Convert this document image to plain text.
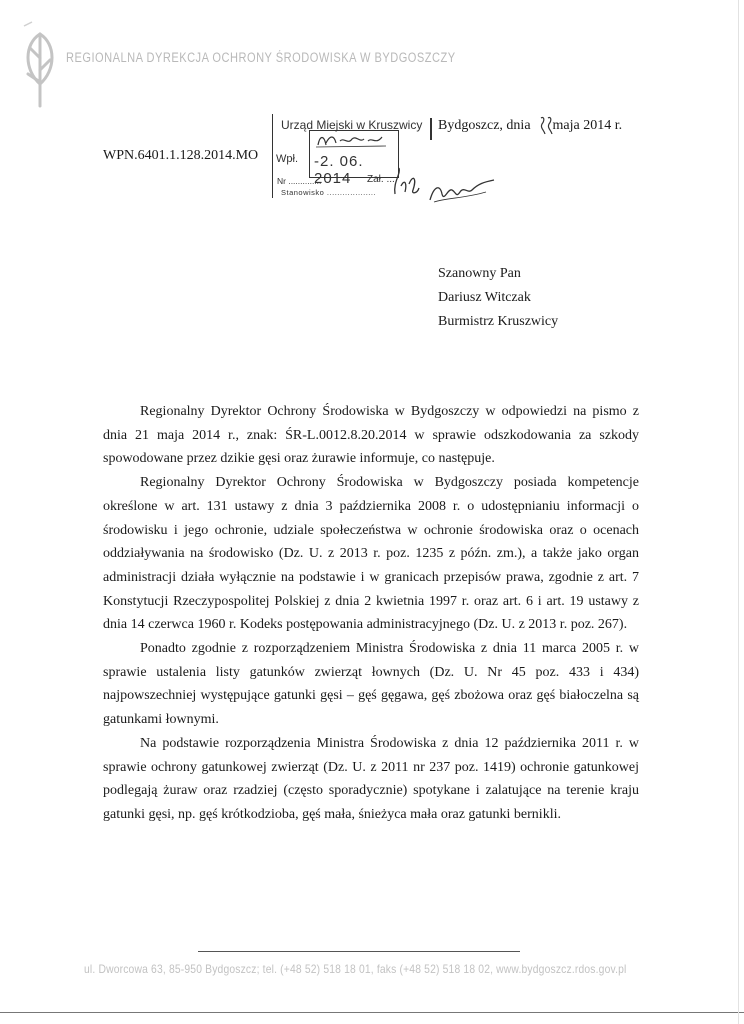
REGIONALNA DYREKCJA OCHRONY ŚRODOWISKA W BYDGOSZCZY
WPN.6401.1.128.2014.MO
Urząd Miejski w Kruszwicy
Wpł. -2. 06. 2014
Nr ..............	Zał. ...
Stanowisko ...................
Bydgoszcz, dnia maja 2014 r.
Szanowny Pan
Dariusz Witczak
Burmistrz Kruszwicy

Regionalny Dyrektor Ochrony Środowiska w Bydgoszczy w odpowiedzi na pismo z dnia 21 maja 2014 r., znak: ŚR-L.0012.8.20.2014 w sprawie odszkodowania za szkody spowodowane przez dzikie gęsi oraz żurawie informuje, co następuje.

Regionalny Dyrektor Ochrony Środowiska w Bydgoszczy posiada kompetencje określone w art. 131 ustawy z dnia 3 października 2008 r. o udostępnianiu informacji o środowisku i jego ochronie, udziale społeczeństwa w ochronie środowiska oraz o ocenach oddziaływania na środowisko (Dz. U. z 2013 r. poz. 1235 z późn. zm.), a także jako organ administracji działa wyłącznie na podstawie i w granicach przepisów prawa, zgodnie z art. 7 Konstytucji Rzeczypospolitej Polskiej z dnia 2 kwietnia 1997 r. oraz art. 6 i art. 19 ustawy z dnia 14 czerwca 1960 r. Kodeks postępowania administracyjnego (Dz. U. z 2013 r. poz. 267).

Ponadto zgodnie z rozporządzeniem Ministra Środowiska z dnia 11 marca 2005 r. w sprawie ustalenia listy gatunków zwierząt łownych (Dz. U. Nr 45 poz. 433 i 434) najpowszechniej występujące gatunki gęsi – gęś gęgawa, gęś zbożowa oraz gęś białoczelna są gatunkami łownymi.

Na podstawie rozporządzenia Ministra Środowiska z dnia 12 października 2011 r. w sprawie ochrony gatunkowej zwierząt (Dz. U. z 2011 nr 237 poz. 1419) ochronie gatunkowej podlegają żuraw oraz rzadziej (często sporadycznie) spotykane i zalatujące na terenie kraju gatunki gęsi, np. gęś krótkodzioba, gęś mała, śnieżyca mała oraz gatunki bernikli.

ul. Dworcowa 63, 85-950 Bydgoszcz; tel. (+48 52) 518 18 01, faks (+48 52) 518 18 02, www.bydgoszcz.rdos.gov.pl
